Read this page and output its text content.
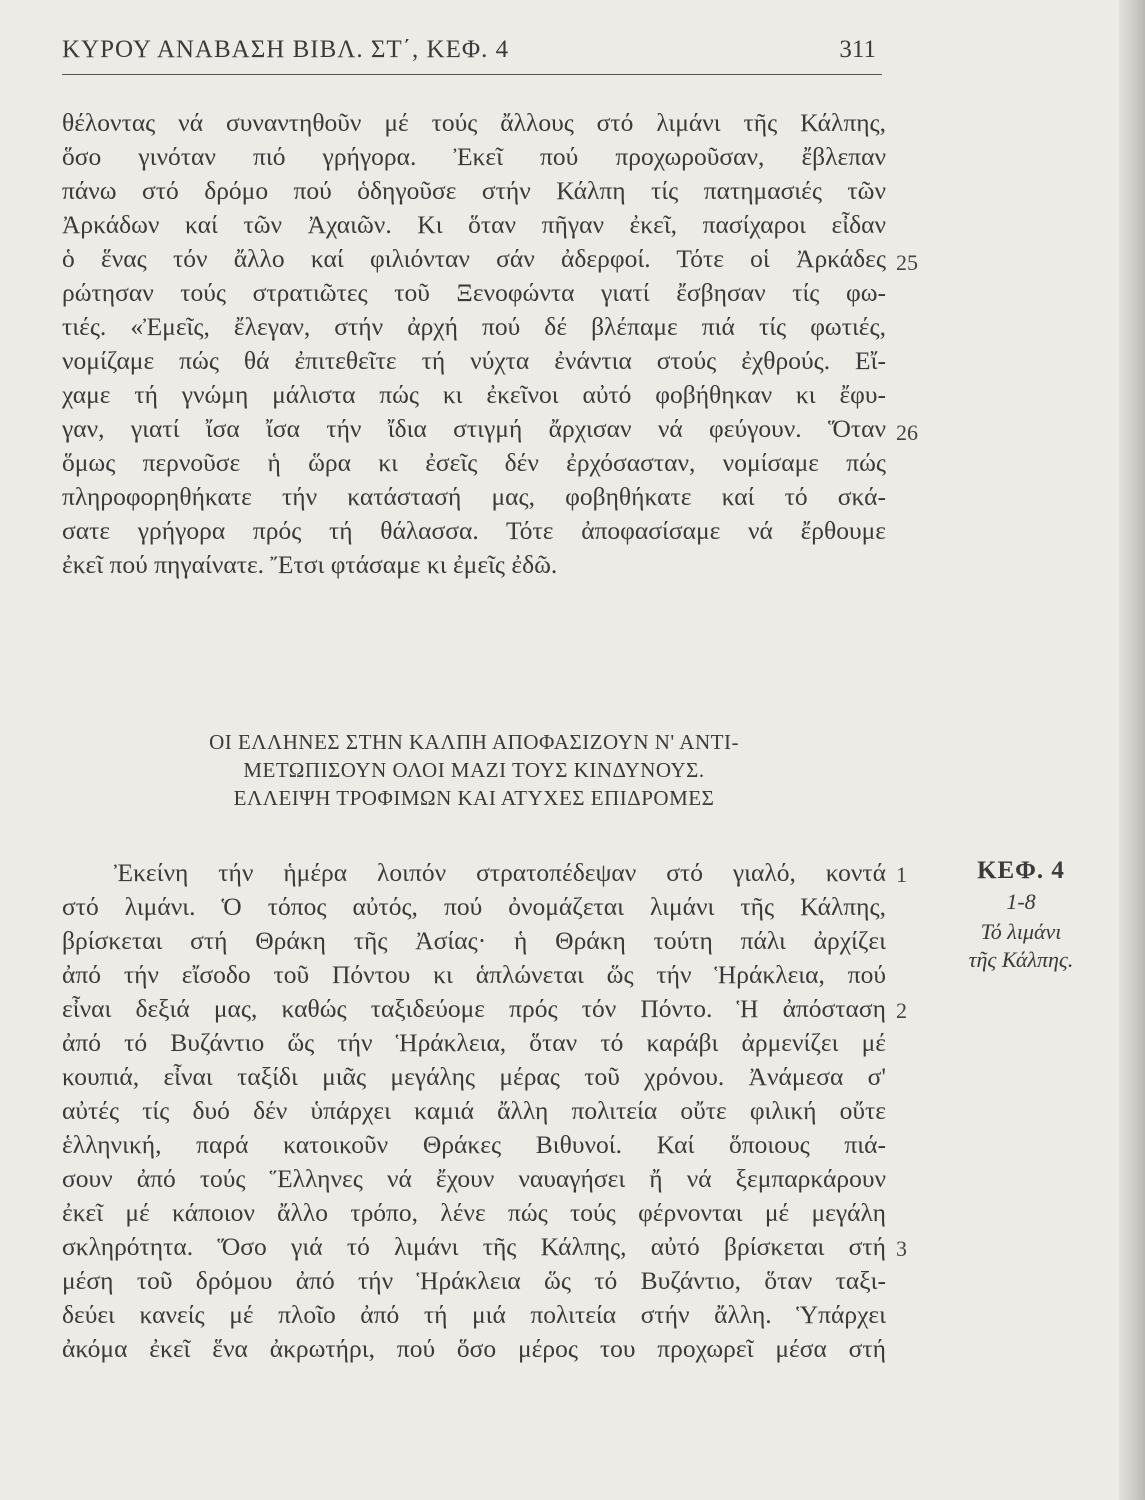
ΚΥΡΟΥ ΑΝΑΒΑΣΗ ΒΙΒΛ. ΣΤ΄, ΚΕΦ. 4	311
θέλοντας νά συναντηθοῦν μέ τούς ἄλλους στό λιμάνι τῆς Κάλπης,
ὅσο γινόταν πιό γρήγορα. Ἐκεῖ πού προχωροῦσαν, ἔβλεπαν
πάνω στό δρόμο πού ὁδηγοῦσε στήν Κάλπη τίς πατημασιές τῶν
Ἀρκάδων καί τῶν Ἀχαιῶν. Κι ὅταν πῆγαν ἐκεῖ, πασίχαροι εἶδαν
ὁ ἕνας τόν ἄλλο καί φιλιόνταν σάν ἀδερφοί. Τότε οἱ Ἀρκάδες
ρώτησαν τούς στρατιῶτες τοῦ Ξενοφώντα γιατί ἔσβησαν τίς φω-
τιές. «Ἐμεῖς, ἔλεγαν, στήν ἀρχή πού δέ βλέπαμε πιά τίς φωτιές,
νομίζαμε πώς θά ἐπιτεθεῖτε τή νύχτα ἐνάντια στούς ἐχθρούς. Εἴ-
χαμε τή γνώμη μάλιστα πώς κι ἐκεῖνοι αὐτό φοβήθηκαν κι ἔφυ-
γαν, γιατί ἴσα ἴσα τήν ἴδια στιγμή ἄρχισαν νά φεύγουν. Ὅταν
ὅμως περνοῦσε ἡ ὥρα κι ἐσεῖς δέν ἐρχόσασταν, νομίσαμε πώς
πληροφορηθήκατε τήν κατάστασή μας, φοβηθήκατε καί τό σκά-
σατε γρήγορα πρός τή θάλασσα. Τότε ἀποφασίσαμε νά ἔρθουμε
ἐκεῖ πού πηγαίνατε. Ἔτσι φτάσαμε κι ἐμεῖς ἐδῶ.
25
26
ΟΙ ΕΛΛΗΝΕΣ ΣΤΗΝ ΚΑΛΠΗ ΑΠΟΦΑΣΙΖΟΥΝ Ν' ΑΝΤΙ-
ΜΕΤΩΠΙΣΟΥΝ ΟΛΟΙ ΜΑΖΙ ΤΟΥΣ ΚΙΝΔΥΝΟΥΣ.
ΕΛΛΕΙΨΗ ΤΡΟΦΙΜΩΝ ΚΑΙ ΑΤΥΧΕΣ ΕΠΙΔΡΟΜΕΣ
Ἐκείνη τήν ἡμέρα λοιπόν στρατοπέδεψαν στό γιαλό, κοντά
στό λιμάνι. Ὁ τόπος αὐτός, πού ὀνομάζεται λιμάνι τῆς Κάλπης,
βρίσκεται στή Θράκη τῆς Ἀσίας· ἡ Θράκη τούτη πάλι ἀρχίζει
ἀπό τήν εἴσοδο τοῦ Πόντου κι ἁπλώνεται ὥς τήν Ἡράκλεια, πού
εἶναι δεξιά μας, καθώς ταξιδεύομε πρός τόν Πόντο. Ἡ ἀπόσταση
ἀπό τό Βυζάντιο ὥς τήν Ἡράκλεια, ὅταν τό καράβι ἀρμενίζει μέ
κουπιά, εἶναι ταξίδι μιᾶς μεγάλης μέρας τοῦ χρόνου. Ἀνάμεσα σ'
αὐτές τίς δυό δέν ὑπάρχει καμιά ἄλλη πολιτεία οὔτε φιλική οὔτε
ἑλληνική, παρά κατοικοῦν Θράκες Βιθυνοί. Καί ὅποιους πιά-
σουν ἀπό τούς Ἕλληνες νά ἔχουν ναυαγήσει ἤ νά ξεμπαρκάρουν
ἐκεῖ μέ κάποιον ἄλλο τρόπο, λένε πώς τούς φέρνονται μέ μεγάλη
σκληρότητα. Ὅσο γιά τό λιμάνι τῆς Κάλπης, αὐτό βρίσκεται στή
μέση τοῦ δρόμου ἀπό τήν Ἡράκλεια ὥς τό Βυζάντιο, ὅταν ταξι-
δεύει κανείς μέ πλοῖο ἀπό τή μιά πολιτεία στήν ἄλλη. Ὑπάρχει
ἀκόμα ἐκεῖ ἕνα ἀκρωτήρι, πού ὅσο μέρος του προχωρεῖ μέσα στή
1
2
3
ΚΕΦ. 4
1-8
Τό λιμάνι
τῆς Κάλπης.
